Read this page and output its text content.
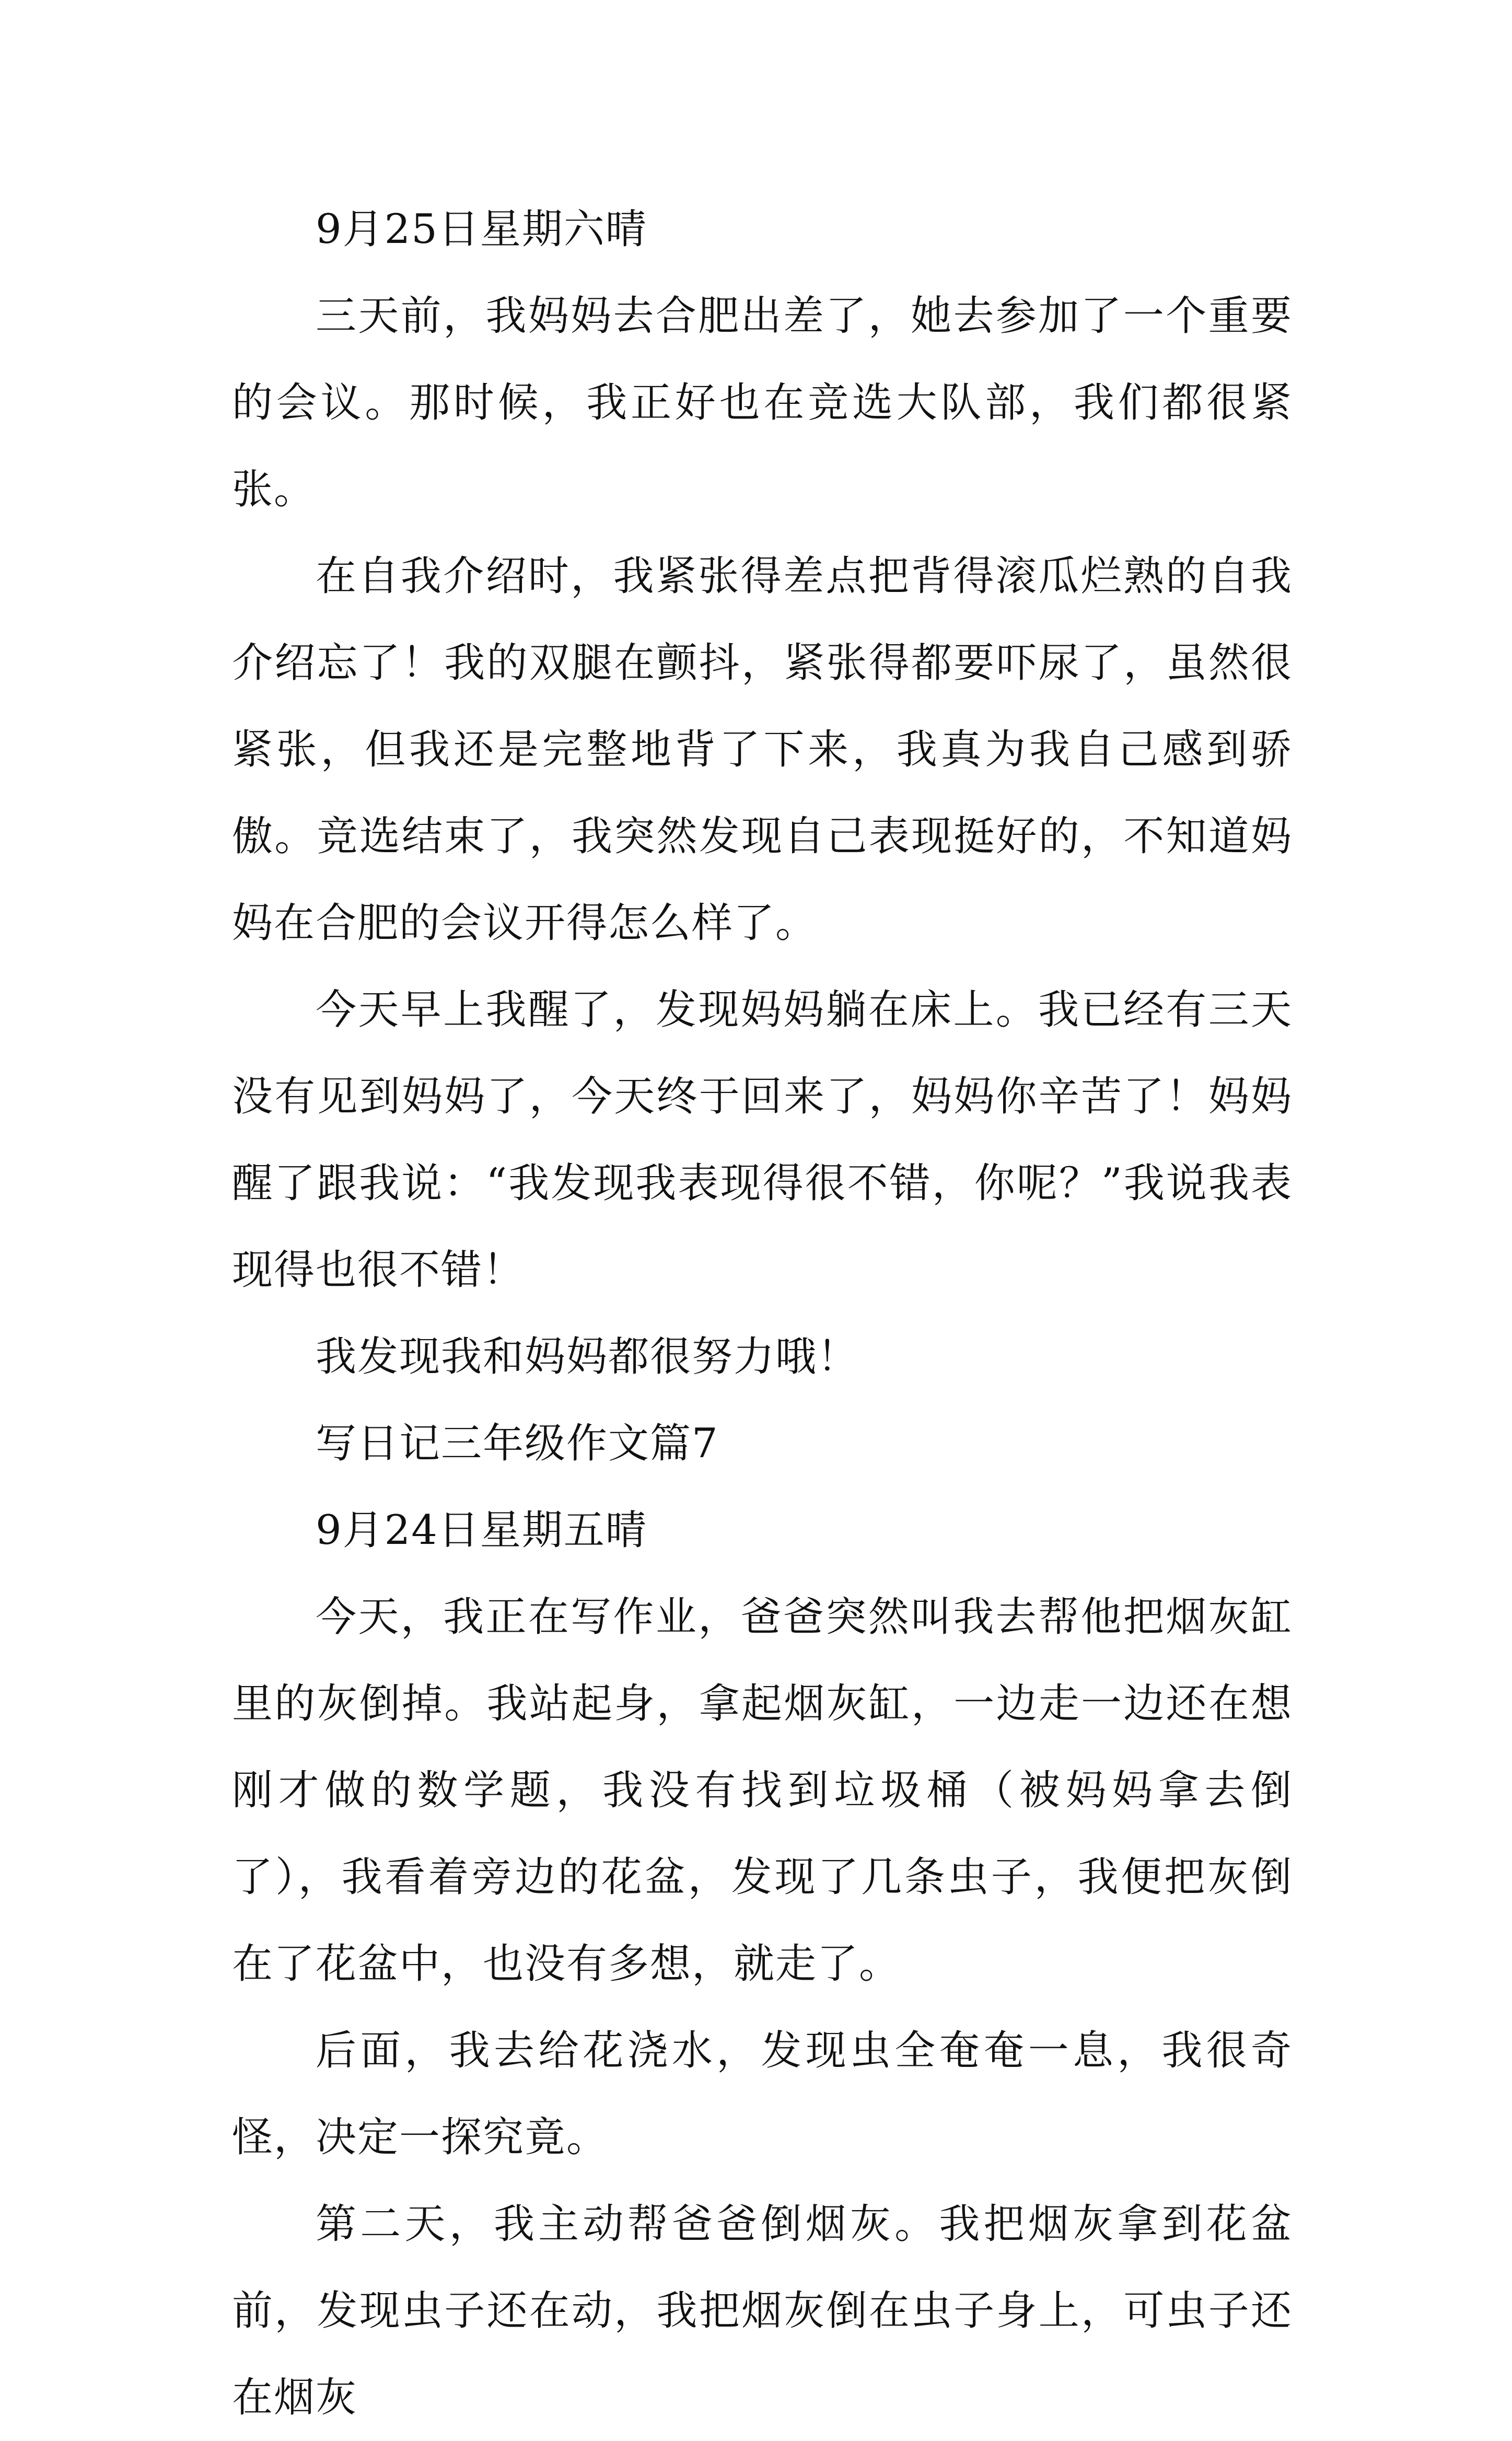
9月25日星期六晴

三天前，我妈妈去合肥出差了，她去参加了一个重要的会议。那时候，我正好也在竞选大队部，我们都很紧张。

在自我介绍时，我紧张得差点把背得滚瓜烂熟的自我介绍忘了！我的双腿在颤抖，紧张得都要吓尿了，虽然很紧张，但我还是完整地背了下来，我真为我自己感到骄傲。竞选结束了，我突然发现自己表现挺好的，不知道妈妈在合肥的会议开得怎么样了。

今天早上我醒了，发现妈妈躺在床上。我已经有三天没有见到妈妈了，今天终于回来了，妈妈你辛苦了！妈妈醒了跟我说：“我发现我表现得很不错，你呢？”我说我表现得也很不错！

我发现我和妈妈都很努力哦！

写日记三年级作文篇7

9月24日星期五晴

今天，我正在写作业，爸爸突然叫我去帮他把烟灰缸里的灰倒掉。我站起身，拿起烟灰缸，一边走一边还在想刚才做的数学题，我没有找到垃圾桶（被妈妈拿去倒了），我看着旁边的花盆，发现了几条虫子，我便把灰倒在了花盆中，也没有多想，就走了。

后面，我去给花浇水，发现虫全奄奄一息，我很奇怪，决定一探究竟。

第二天，我主动帮爸爸倒烟灰。我把烟灰拿到花盆前，发现虫子还在动，我把烟灰倒在虫子身上，可虫子还在烟灰
